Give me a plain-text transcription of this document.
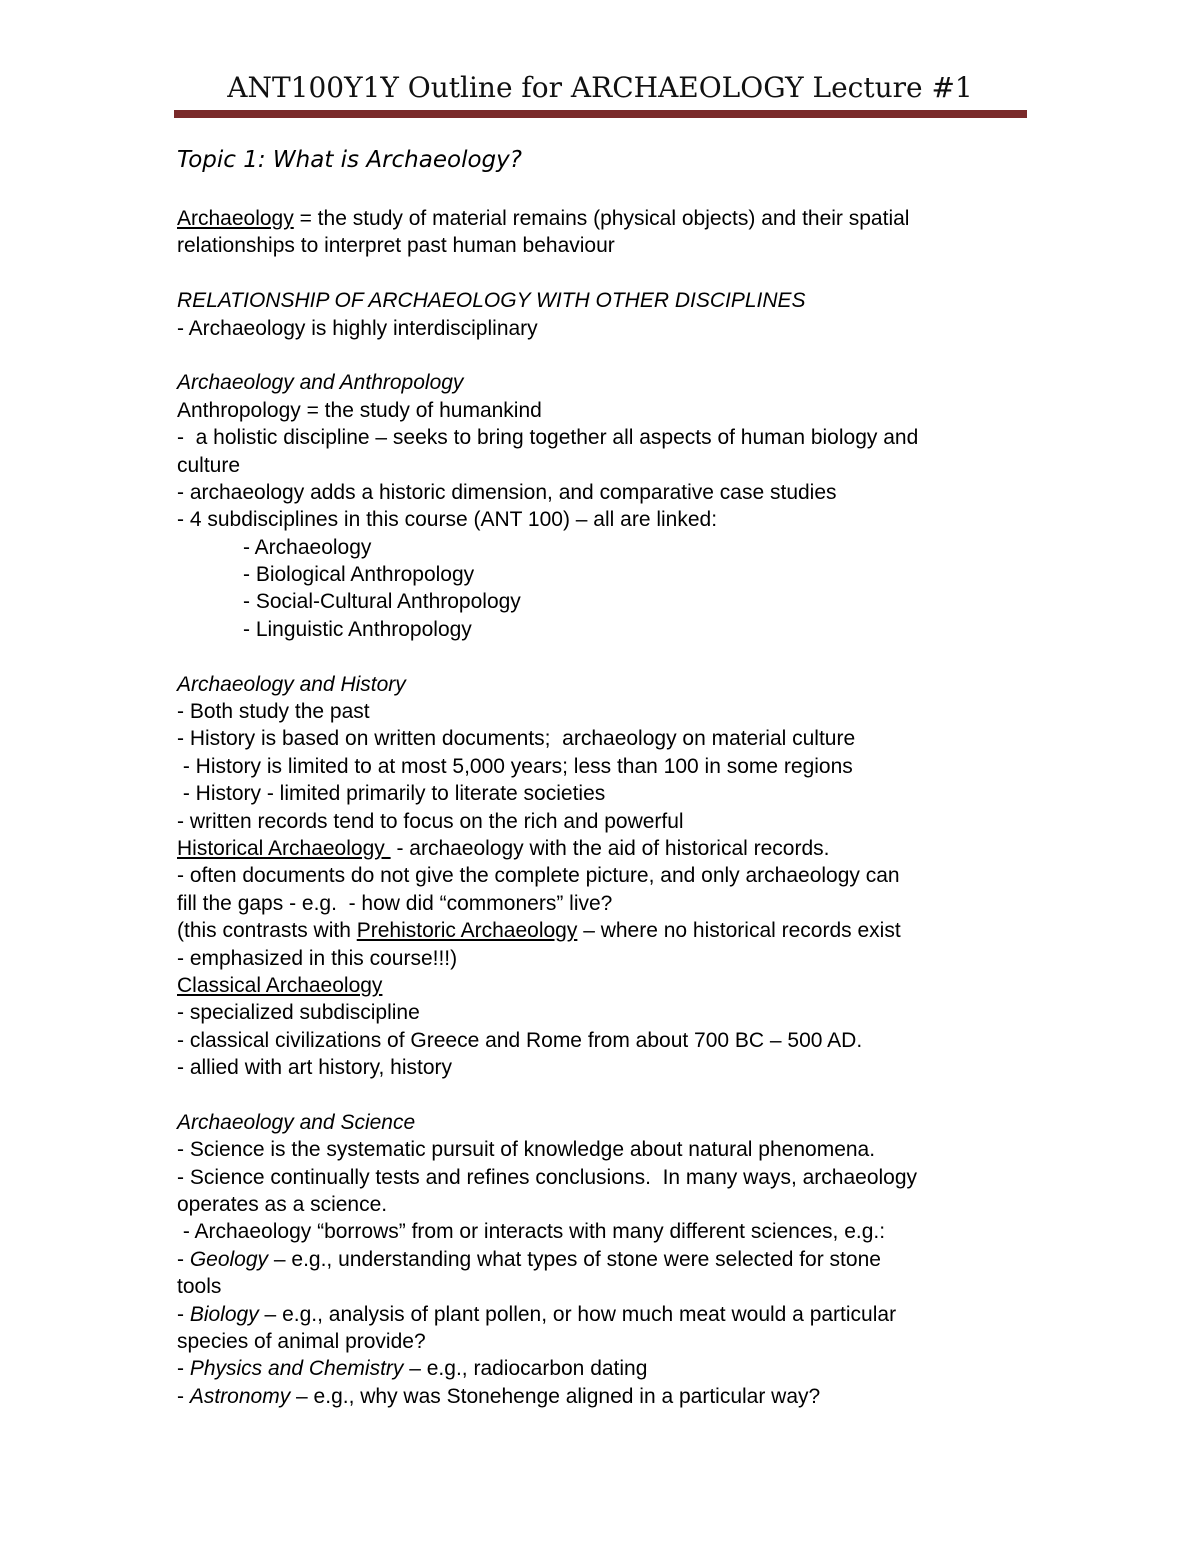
ANT100Y1Y Outline for ARCHAEOLOGY Lecture #1
Topic 1: What is Archaeology?
Archaeology = the study of material remains (physical objects) and their spatial
relationships to interpret past human behaviour
RELATIONSHIP OF ARCHAEOLOGY WITH OTHER DISCIPLINES
- Archaeology is highly interdisciplinary
Archaeology and Anthropology
Anthropology = the study of humankind
-  a holistic discipline – seeks to bring together all aspects of human biology and
culture
- archaeology adds a historic dimension, and comparative case studies
- 4 subdisciplines in this course (ANT 100) – all are linked:
- Archaeology
- Biological Anthropology
- Social-Cultural Anthropology
- Linguistic Anthropology
Archaeology and History
- Both study the past
- History is based on written documents;  archaeology on material culture
- History is limited to at most 5,000 years; less than 100 in some regions
- History - limited primarily to literate societies
- written records tend to focus on the rich and powerful
Historical Archaeology  - archaeology with the aid of historical records.
- often documents do not give the complete picture, and only archaeology can
fill the gaps - e.g.  - how did “commoners” live?
(this contrasts with Prehistoric Archaeology – where no historical records exist
- emphasized in this course!!!)
Classical Archaeology
- specialized subdiscipline
- classical civilizations of Greece and Rome from about 700 BC – 500 AD.
- allied with art history, history
Archaeology and Science
- Science is the systematic pursuit of knowledge about natural phenomena.
- Science continually tests and refines conclusions.  In many ways, archaeology
operates as a science.
- Archaeology “borrows” from or interacts with many different sciences, e.g.:
- Geology – e.g., understanding what types of stone were selected for stone
tools
- Biology – e.g., analysis of plant pollen, or how much meat would a particular
species of animal provide?
- Physics and Chemistry – e.g., radiocarbon dating
- Astronomy – e.g., why was Stonehenge aligned in a particular way?
